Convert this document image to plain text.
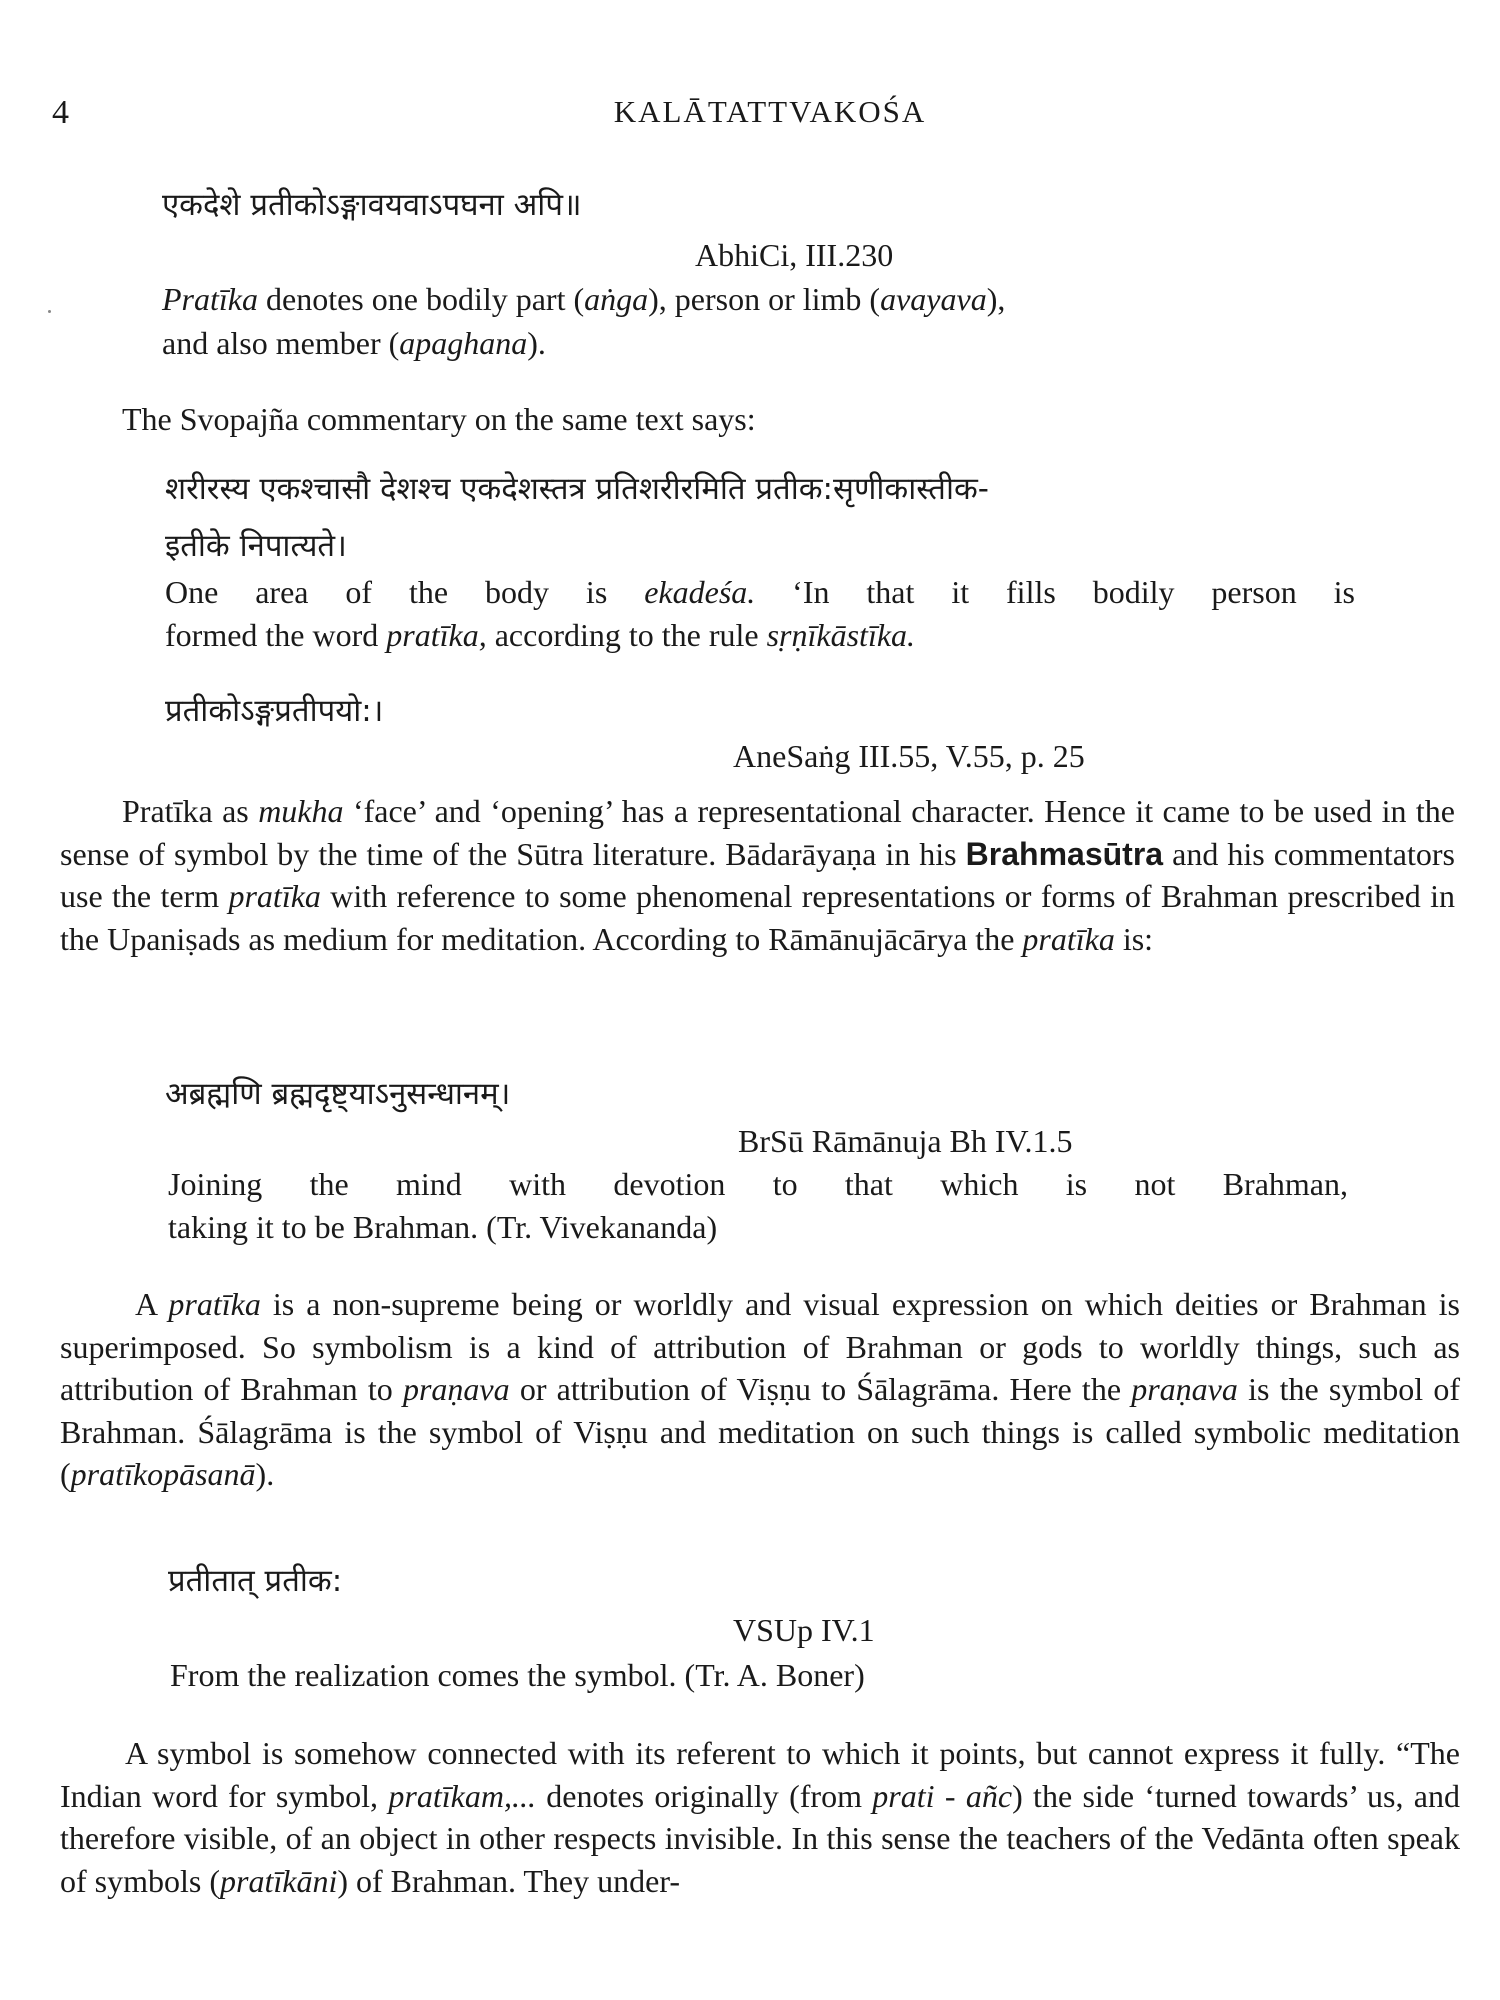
4	KALĀTATTVAKOŚA
एकदेशे प्रतीकोऽङ्गावयवाऽपघना अपि॥
AbhiCi, III.230
Pratīka denotes one bodily part (aṅga), person or limb (avayava),
and also member (apaghana).
The Svopajña commentary on the same text says:
शरीरस्य एकश्चासौ देशश्च एकदेशस्तत्र प्रतिशरीरमिति प्रतीक:सृणीकास्तीक-
इतीके निपात्यते।
One area of the body is ekadeśa. ‘In that it fills bodily person is
formed the word pratīka, according to the rule sṛṇīkāstīka.
प्रतीकोऽङ्गप्रतीपयो:।
AneSaṅg III.55, V.55, p. 25
Pratīka as mukha ‘face’ and ‘opening’ has a representational character. Hence it came to be used in the sense of symbol by the time of the Sūtra literature. Bādarāyaṇa in his Brahmasūtra and his commentators use the term pratīka with reference to some phenomenal representations or forms of Brahman prescribed in the Upaniṣads as medium for meditation. According to Rāmānujācārya the pratīka is:
अब्रह्मणि ब्रह्मदृष्ट्याऽनुसन्धानम्।
BrSū Rāmānuja Bh IV.1.5
Joining the mind with devotion to that which is not Brahman,
taking it to be Brahman. (Tr. Vivekananda)
A pratīka is a non-supreme being or worldly and visual expression on which deities or Brahman is superimposed. So symbolism is a kind of attribution of Brahman or gods to worldly things, such as attribution of Brahman to praṇava or attribution of Viṣṇu to Śālagrāma. Here the praṇava is the symbol of Brahman. Śālagrāma is the symbol of Viṣṇu and meditation on such things is called symbolic meditation (pratīkopāsanā).
प्रतीतात् प्रतीक:
VSUp IV.1
From the realization comes the symbol. (Tr. A. Boner)
A symbol is somehow connected with its referent to which it points, but cannot express it fully. “The Indian word for symbol, pratīkam,... denotes originally (from prati - añc) the side ‘turned towards’ us, and therefore visible, of an object in other respects invisible. In this sense the teachers of the Vedānta often speak of symbols (pratīkāni) of Brahman. They under-
